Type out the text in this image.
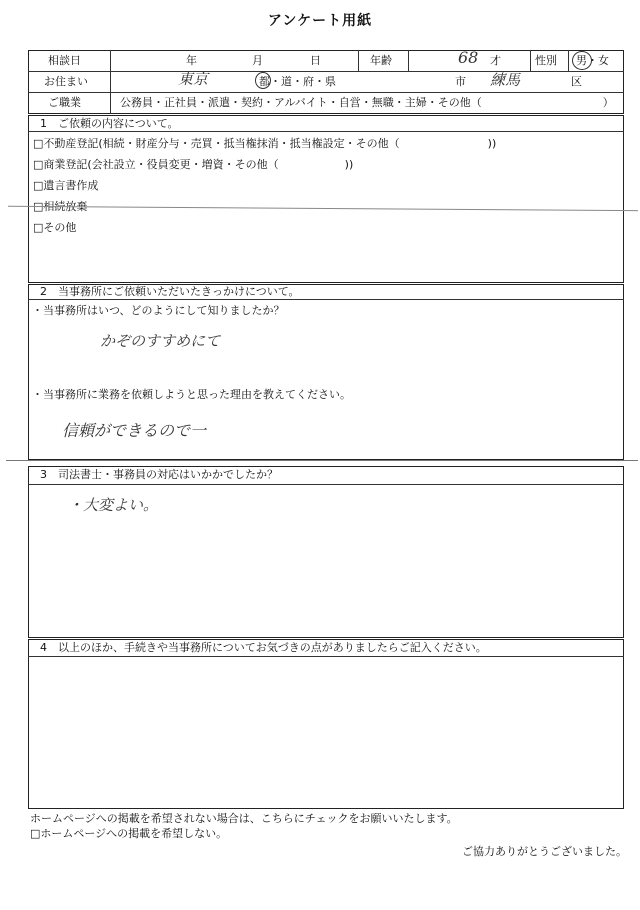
アンケート用紙
相談日	年	月	日	年齢	68 才	性別 男・女
お住まい	東京	都・道・府・県	市 練馬	区
ご職業	公務員・正社員・派遣・契約・アルバイト・自営・無職・主婦・その他（　　　　　　　　　　　）
1　ご依頼の内容について。
□不動産登記(相続・財産分与・売買・抵当権抹消・抵当権設定・その他（　　　　　　　　))
□商業登記(会社設立・役員変更・増資・その他（　　　　　　))
□遺言書作成
□相続放棄
□その他
2　当事務所にご依頼いただいたきっかけについて。
・当事務所はいつ、どのようにして知りましたか？
かぞのすすめにて
・当事務所に業務を依頼しようと思った理由を教えてください。
信頼ができるので一
3　司法書士・事務員の対応はいかかでしたか？
・大変よい。
4　以上のほか、手続きや当事務所についてお気づきの点がありましたらご記入ください。
ホームページへの掲載を希望されない場合は、こちらにチェックをお願いいたします。
□ホームページへの掲載を希望しない。
ご協力ありがとうございました。
